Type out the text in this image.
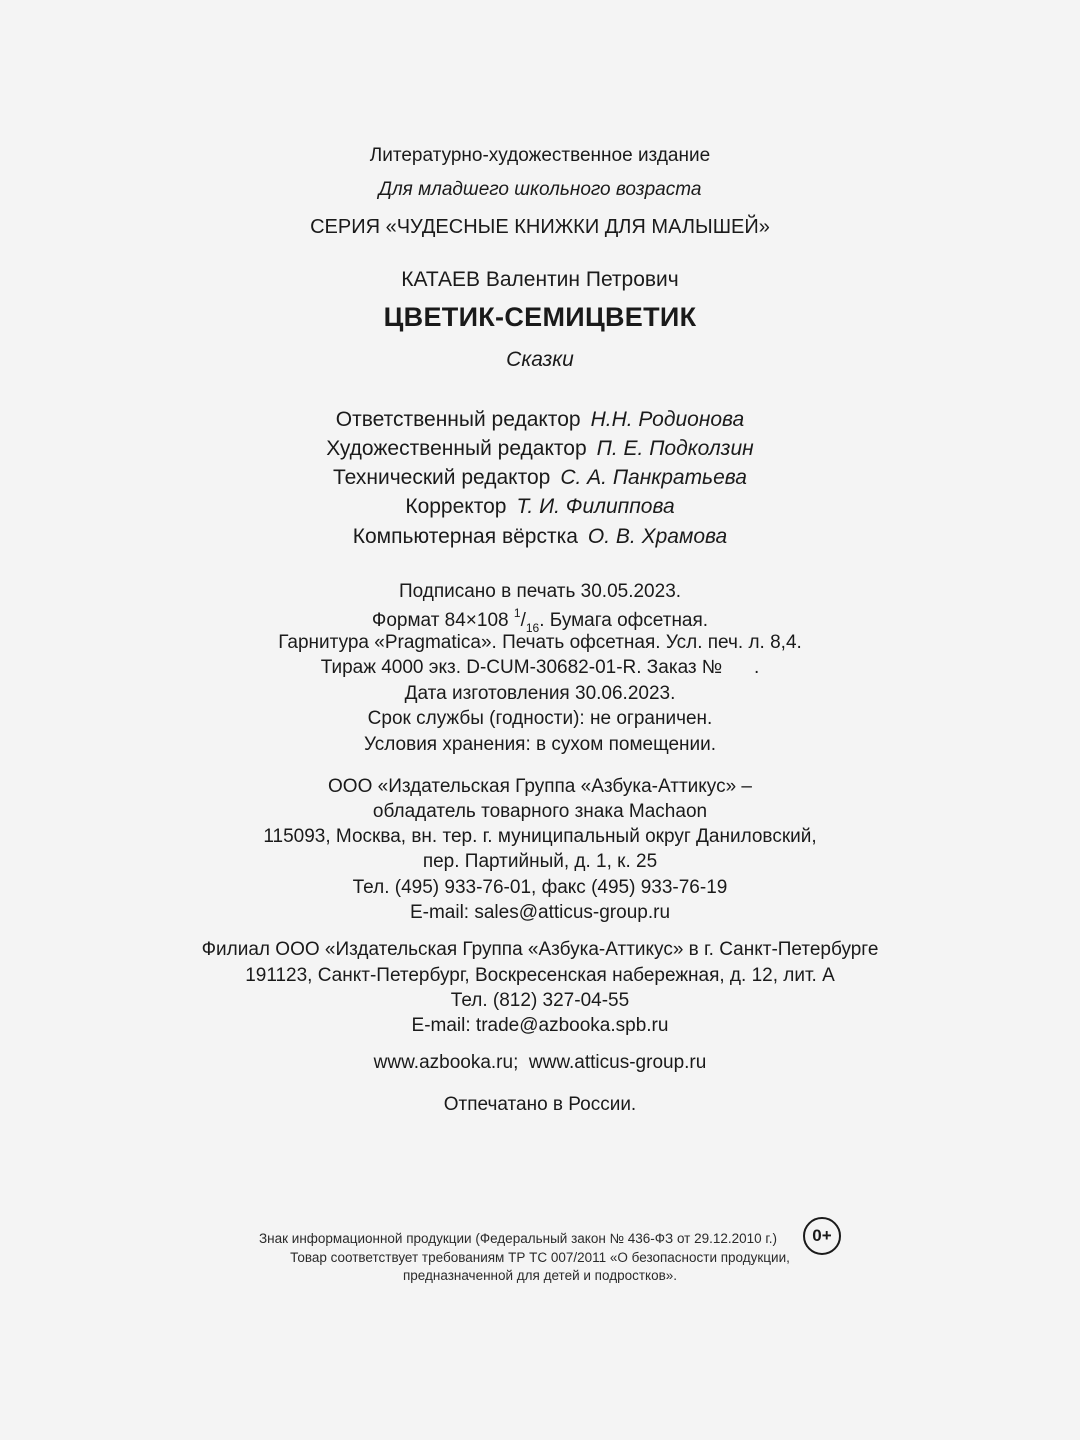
Литературно-художественное издание
Для младшего школьного возраста
СЕРИЯ «ЧУДЕСНЫЕ КНИЖКИ ДЛЯ МАЛЫШЕЙ»
КАТАЕВ Валентин Петрович
ЦВЕТИК-СЕМИЦВЕТИК
Сказки
Ответственный редактор Н.Н. Родионова
Художественный редактор П. Е. Подколзин
Технический редактор С. А. Панкратьева
Корректор Т. И. Филиппова
Компьютерная вёрстка О. В. Храмова
Подписано в печать 30.05.2023.
Формат 84×108 $^1/_{16}$. Бумага офсетная.
Гарнитура «Pragmatica». Печать офсетная. Усл. печ. л. 8,4.
Тираж 4000 экз. D-CUM-30682-01-R. Заказ №      .
Дата изготовления 30.06.2023.
Срок службы (годности): не ограничен.
Условия хранения: в сухом помещении.
ООО «Издательская Группа «Азбука-Аттикус» –
обладатель товарного знака Machaon
115093, Москва, вн. тер. г. муниципальный округ Даниловский,
пер. Партийный, д. 1, к. 25
Тел. (495) 933-76-01, факс (495) 933-76-19
E-mail: sales@atticus-group.ru
Филиал ООО «Издательская Группа «Азбука-Аттикус» в г. Санкт-Петербурге
191123, Санкт-Петербург, Воскресенская набережная, д. 12, лит. А
Тел. (812) 327-04-55
E-mail: trade@azbooka.spb.ru
www.azbooka.ru;  www.atticus-group.ru
Отпечатано в России.
Знак информационной продукции (Федеральный закон № 436-ФЗ от 29.12.2010 г.)	0+
Товар соответствует требованиям ТР ТС 007/2011 «О безопасности продукции,
предназначенной для детей и подростков».
